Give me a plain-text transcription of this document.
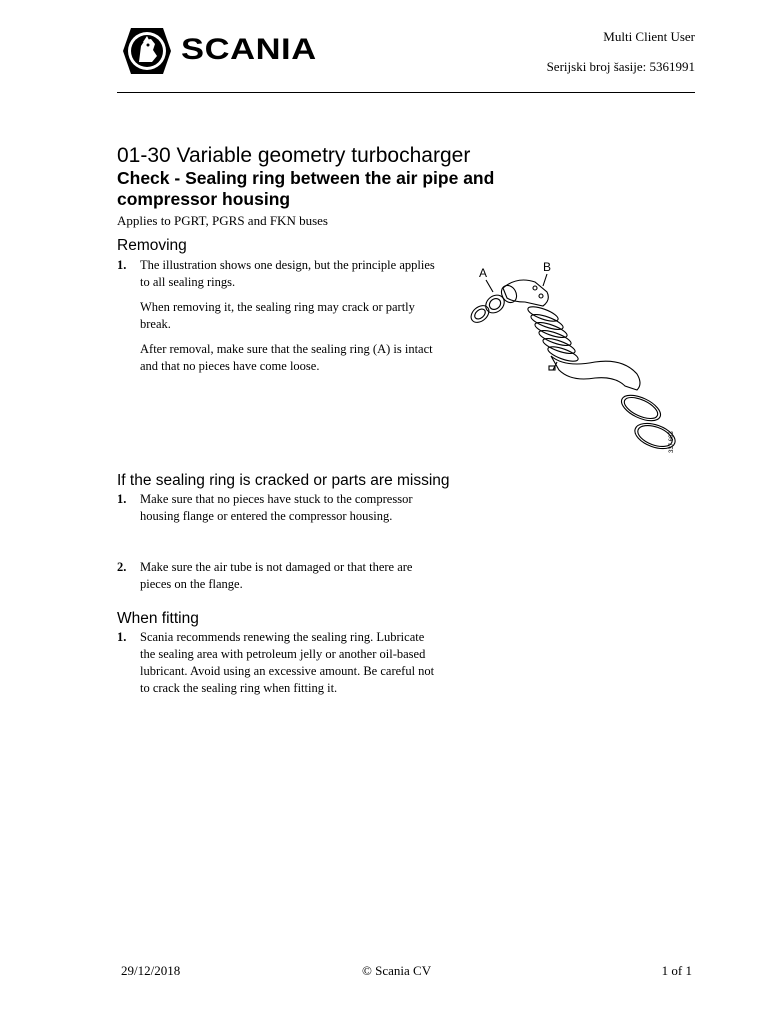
SCANIA	Multi Client User
Serijski broj šasije: 5361991
01-30 Variable geometry turbocharger
Check - Sealing ring between the air pipe and compressor housing
Applies to PGRT, PGRS and FKN buses
Removing
1. The illustration shows one design, but the principle applies to all sealing rings.

When removing it, the sealing ring may crack or partly break.

After removal, make sure that the sealing ring (A) is intact and that no pieces have come loose.

A	B
337 663
If the sealing ring is cracked or parts are missing
1. Make sure that no pieces have stuck to the compressor housing flange or entered the compressor housing.

2. Make sure the air tube is not damaged or that there are pieces on the flange.

When fitting
1. Scania recommends renewing the sealing ring. Lubricate the sealing area with petroleum jelly or another oil-based lubricant. Avoid using an excessive amount. Be careful not to crack the sealing ring when fitting it.

29/12/2018	© Scania CV	1 of 1
